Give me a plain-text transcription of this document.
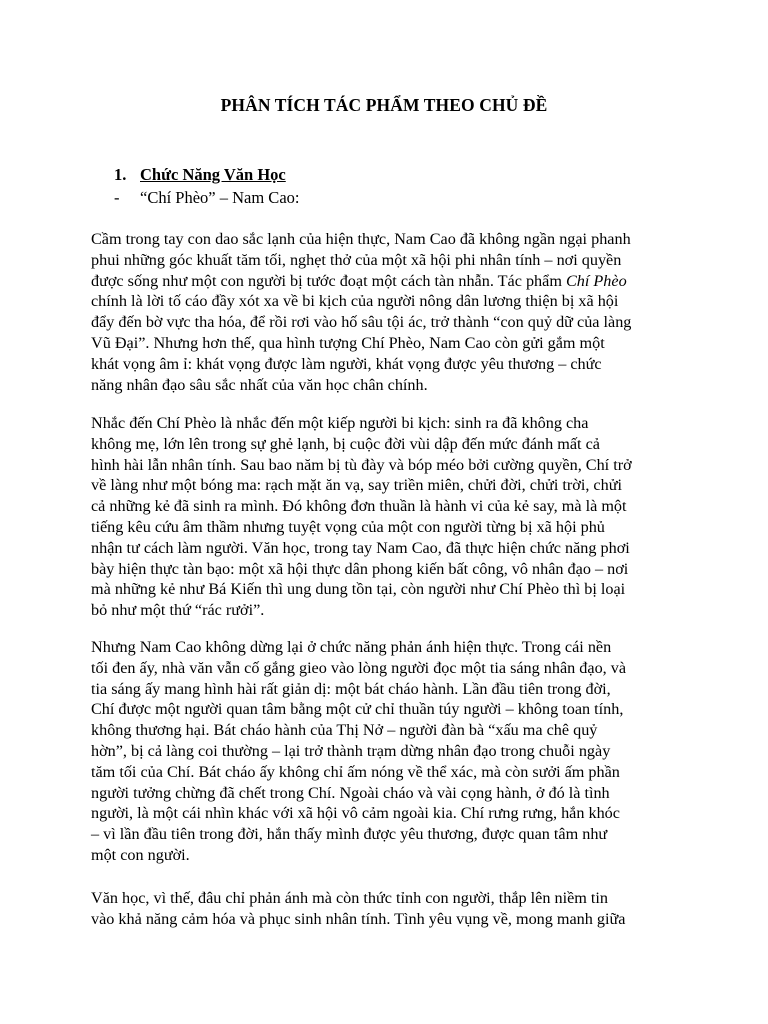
PHÂN TÍCH TÁC PHẨM THEO CHỦ ĐỀ
1. Chức Năng Văn Học
- “Chí Phèo” – Nam Cao:
Cầm trong tay con dao sắc lạnh của hiện thực, Nam Cao đã không ngần ngại phanh
phui những góc khuất tăm tối, nghẹt thở của một xã hội phi nhân tính – nơi quyền
được sống như một con người bị tước đoạt một cách tàn nhẫn. Tác phẩm Chí Phèo
chính là lời tố cáo đầy xót xa về bi kịch của người nông dân lương thiện bị xã hội
đẩy đến bờ vực tha hóa, để rồi rơi vào hố sâu tội ác, trở thành “con quỷ dữ của làng
Vũ Đại”. Nhưng hơn thế, qua hình tượng Chí Phèo, Nam Cao còn gửi gắm một
khát vọng âm ỉ: khát vọng được làm người, khát vọng được yêu thương – chức
năng nhân đạo sâu sắc nhất của văn học chân chính.
Nhắc đến Chí Phèo là nhắc đến một kiếp người bi kịch: sinh ra đã không cha
không mẹ, lớn lên trong sự ghẻ lạnh, bị cuộc đời vùi dập đến mức đánh mất cả
hình hài lẫn nhân tính. Sau bao năm bị tù đày và bóp méo bởi cường quyền, Chí trở
về làng như một bóng ma: rạch mặt ăn vạ, say triền miên, chửi đời, chửi trời, chửi
cả những kẻ đã sinh ra mình. Đó không đơn thuần là hành vi của kẻ say, mà là một
tiếng kêu cứu âm thầm nhưng tuyệt vọng của một con người từng bị xã hội phủ
nhận tư cách làm người. Văn học, trong tay Nam Cao, đã thực hiện chức năng phơi
bày hiện thực tàn bạo: một xã hội thực dân phong kiến bất công, vô nhân đạo – nơi
mà những kẻ như Bá Kiến thì ung dung tồn tại, còn người như Chí Phèo thì bị loại
bỏ như một thứ “rác rưởi”.
Nhưng Nam Cao không dừng lại ở chức năng phản ánh hiện thực. Trong cái nền
tối đen ấy, nhà văn vẫn cố gắng gieo vào lòng người đọc một tia sáng nhân đạo, và
tia sáng ấy mang hình hài rất giản dị: một bát cháo hành. Lần đầu tiên trong đời,
Chí được một người quan tâm bằng một cử chỉ thuần túy người – không toan tính,
không thương hại. Bát cháo hành của Thị Nở – người đàn bà “xấu ma chê quỷ
hờn”, bị cả làng coi thường – lại trở thành trạm dừng nhân đạo trong chuỗi ngày
tăm tối của Chí. Bát cháo ấy không chỉ ấm nóng về thể xác, mà còn sưởi ấm phần
người tưởng chừng đã chết trong Chí. Ngoài cháo và vài cọng hành, ở đó là tình
người, là một cái nhìn khác với xã hội vô cảm ngoài kia. Chí rưng rưng, hắn khóc
– vì lần đầu tiên trong đời, hắn thấy mình được yêu thương, được quan tâm như
một con người.
Văn học, vì thế, đâu chỉ phản ánh mà còn thức tỉnh con người, thắp lên niềm tin
vào khả năng cảm hóa và phục sinh nhân tính. Tình yêu vụng về, mong manh giữa
